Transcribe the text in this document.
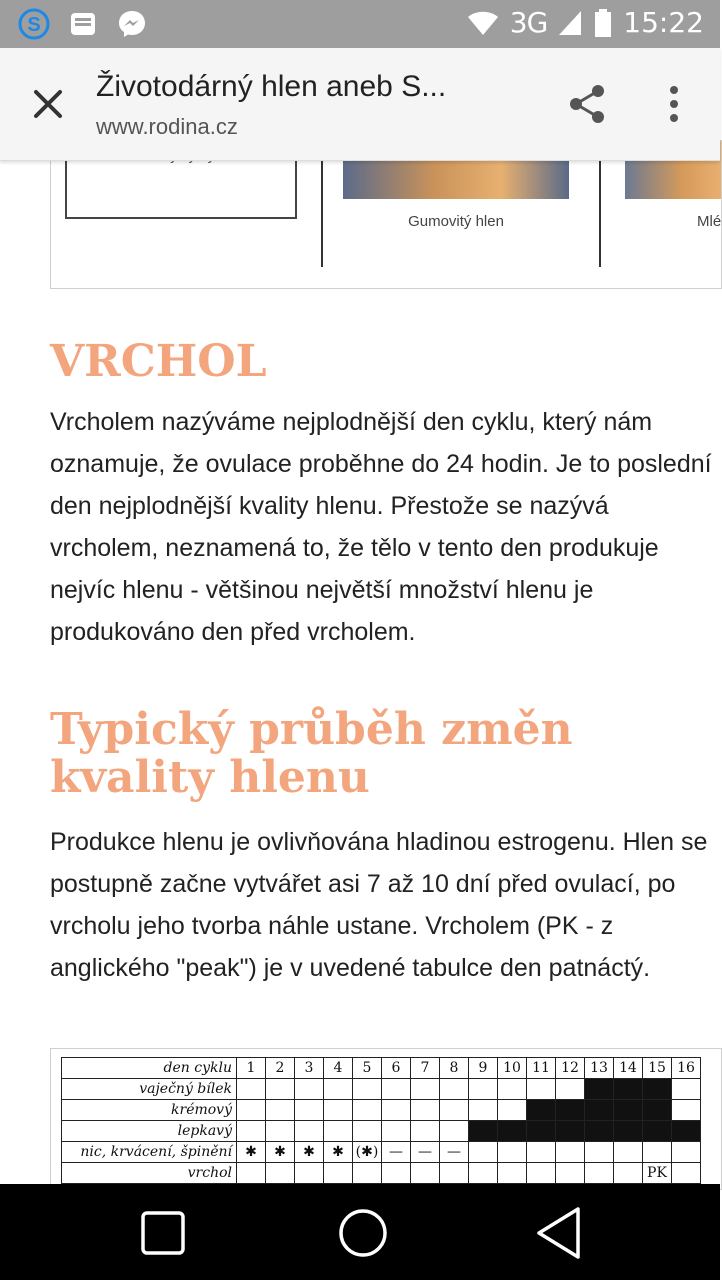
S	3G	15:22
Životodárný hlen aneb S...
www.rodina.cz
Gumovitý hlen	Mlé
VRCHOL

Vrcholem nazýváme nejplodnější den cyklu, který nám oznamuje, že ovulace proběhne do 24 hodin. Je to poslední den nejplodnější kvality hlenu. Přestože se nazývá vrcholem, neznamená to, že tělo v tento den produkuje nejvíc hlenu - většinou největší množství hlenu je produkováno den před vrcholem.

Typický průběh změn kvality hlenu

Produkce hlenu je ovlivňována hladinou estrogenu. Hlen se postupně začne vytvářet asi 7 až 10 dní před ovulací, po vrcholu jeho tvorba náhle ustane. Vrcholem (PK - z anglického "peak") je v uvedené tabulce den patnáctý.

den cyklu	1	2	3	4	5	6	7	8	9	10	11	12	13	14	15	16
vaječný bílek																
krémový																
lepkavý																
nic, krvácení, špinění	✱	✱	✱	✱	(✱)	—	—	—								
vrchol															PK	
